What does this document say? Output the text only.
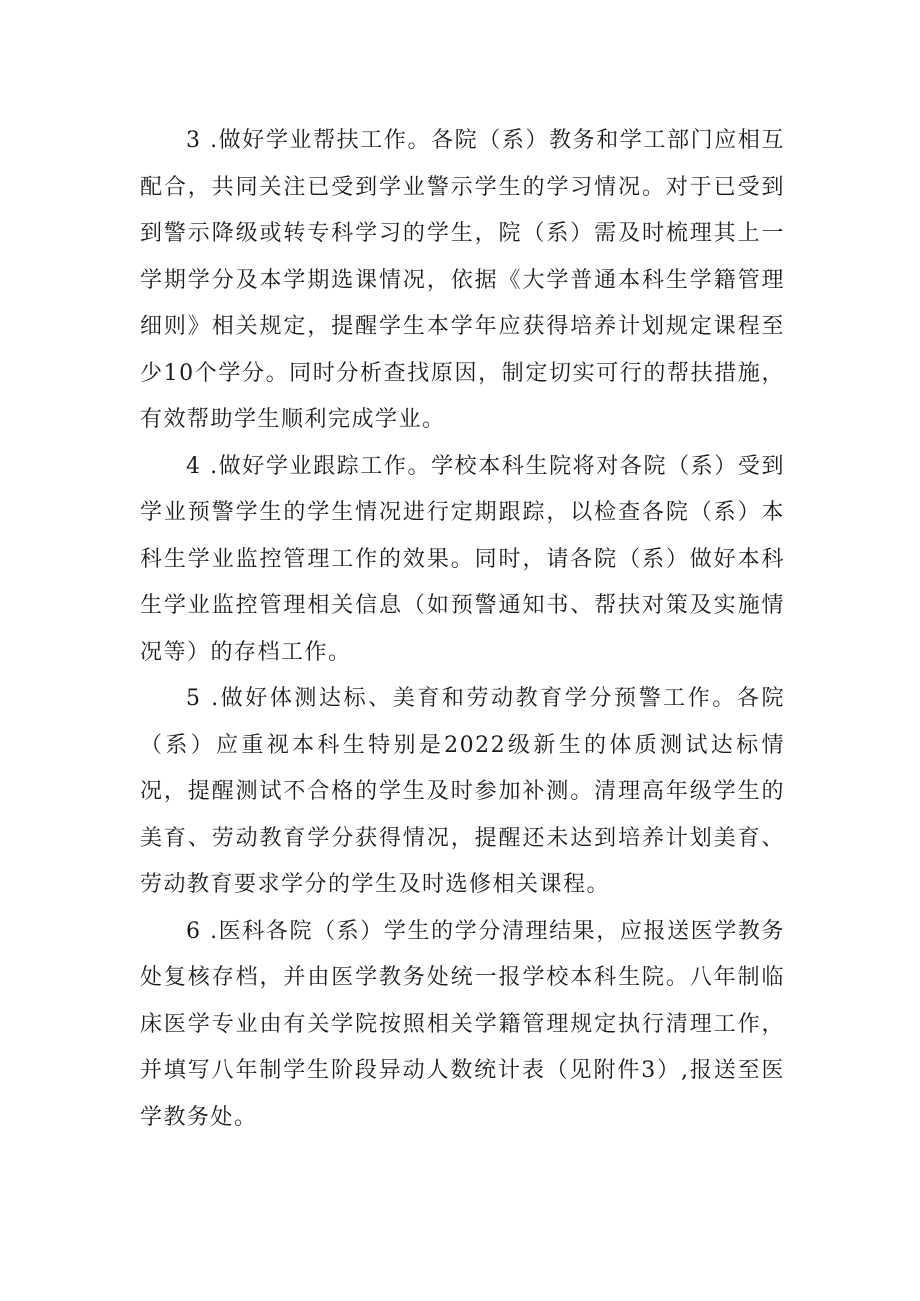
3 .做好学业帮扶工作。各院（系）教务和学工部门应相互配合，共同关注已受到学业警示学生的学习情况。对于已受到到警示降级或转专科学习的学生，院（系）需及时梳理其上一学期学分及本学期选课情况，依据《大学普通本科生学籍管理细则》相关规定，提醒学生本学年应获得培养计划规定课程至少10个学分。同时分析查找原因，制定切实可行的帮扶措施，有效帮助学生顺利完成学业。

4 .做好学业跟踪工作。学校本科生院将对各院（系）受到学业预警学生的学生情况进行定期跟踪，以检查各院（系）本科生学业监控管理工作的效果。同时，请各院（系）做好本科生学业监控管理相关信息（如预警通知书、帮扶对策及实施情况等）的存档工作。

5 .做好体测达标、美育和劳动教育学分预警工作。各院（系）应重视本科生特别是2022级新生的体质测试达标情况，提醒测试不合格的学生及时参加补测。清理高年级学生的美育、劳动教育学分获得情况，提醒还未达到培养计划美育、劳动教育要求学分的学生及时选修相关课程。

6 .医科各院（系）学生的学分清理结果，应报送医学教务处复核存档，并由医学教务处统一报学校本科生院。八年制临床医学专业由有关学院按照相关学籍管理规定执行清理工作，并填写八年制学生阶段异动人数统计表（见附件3）,报送至医学教务处。
